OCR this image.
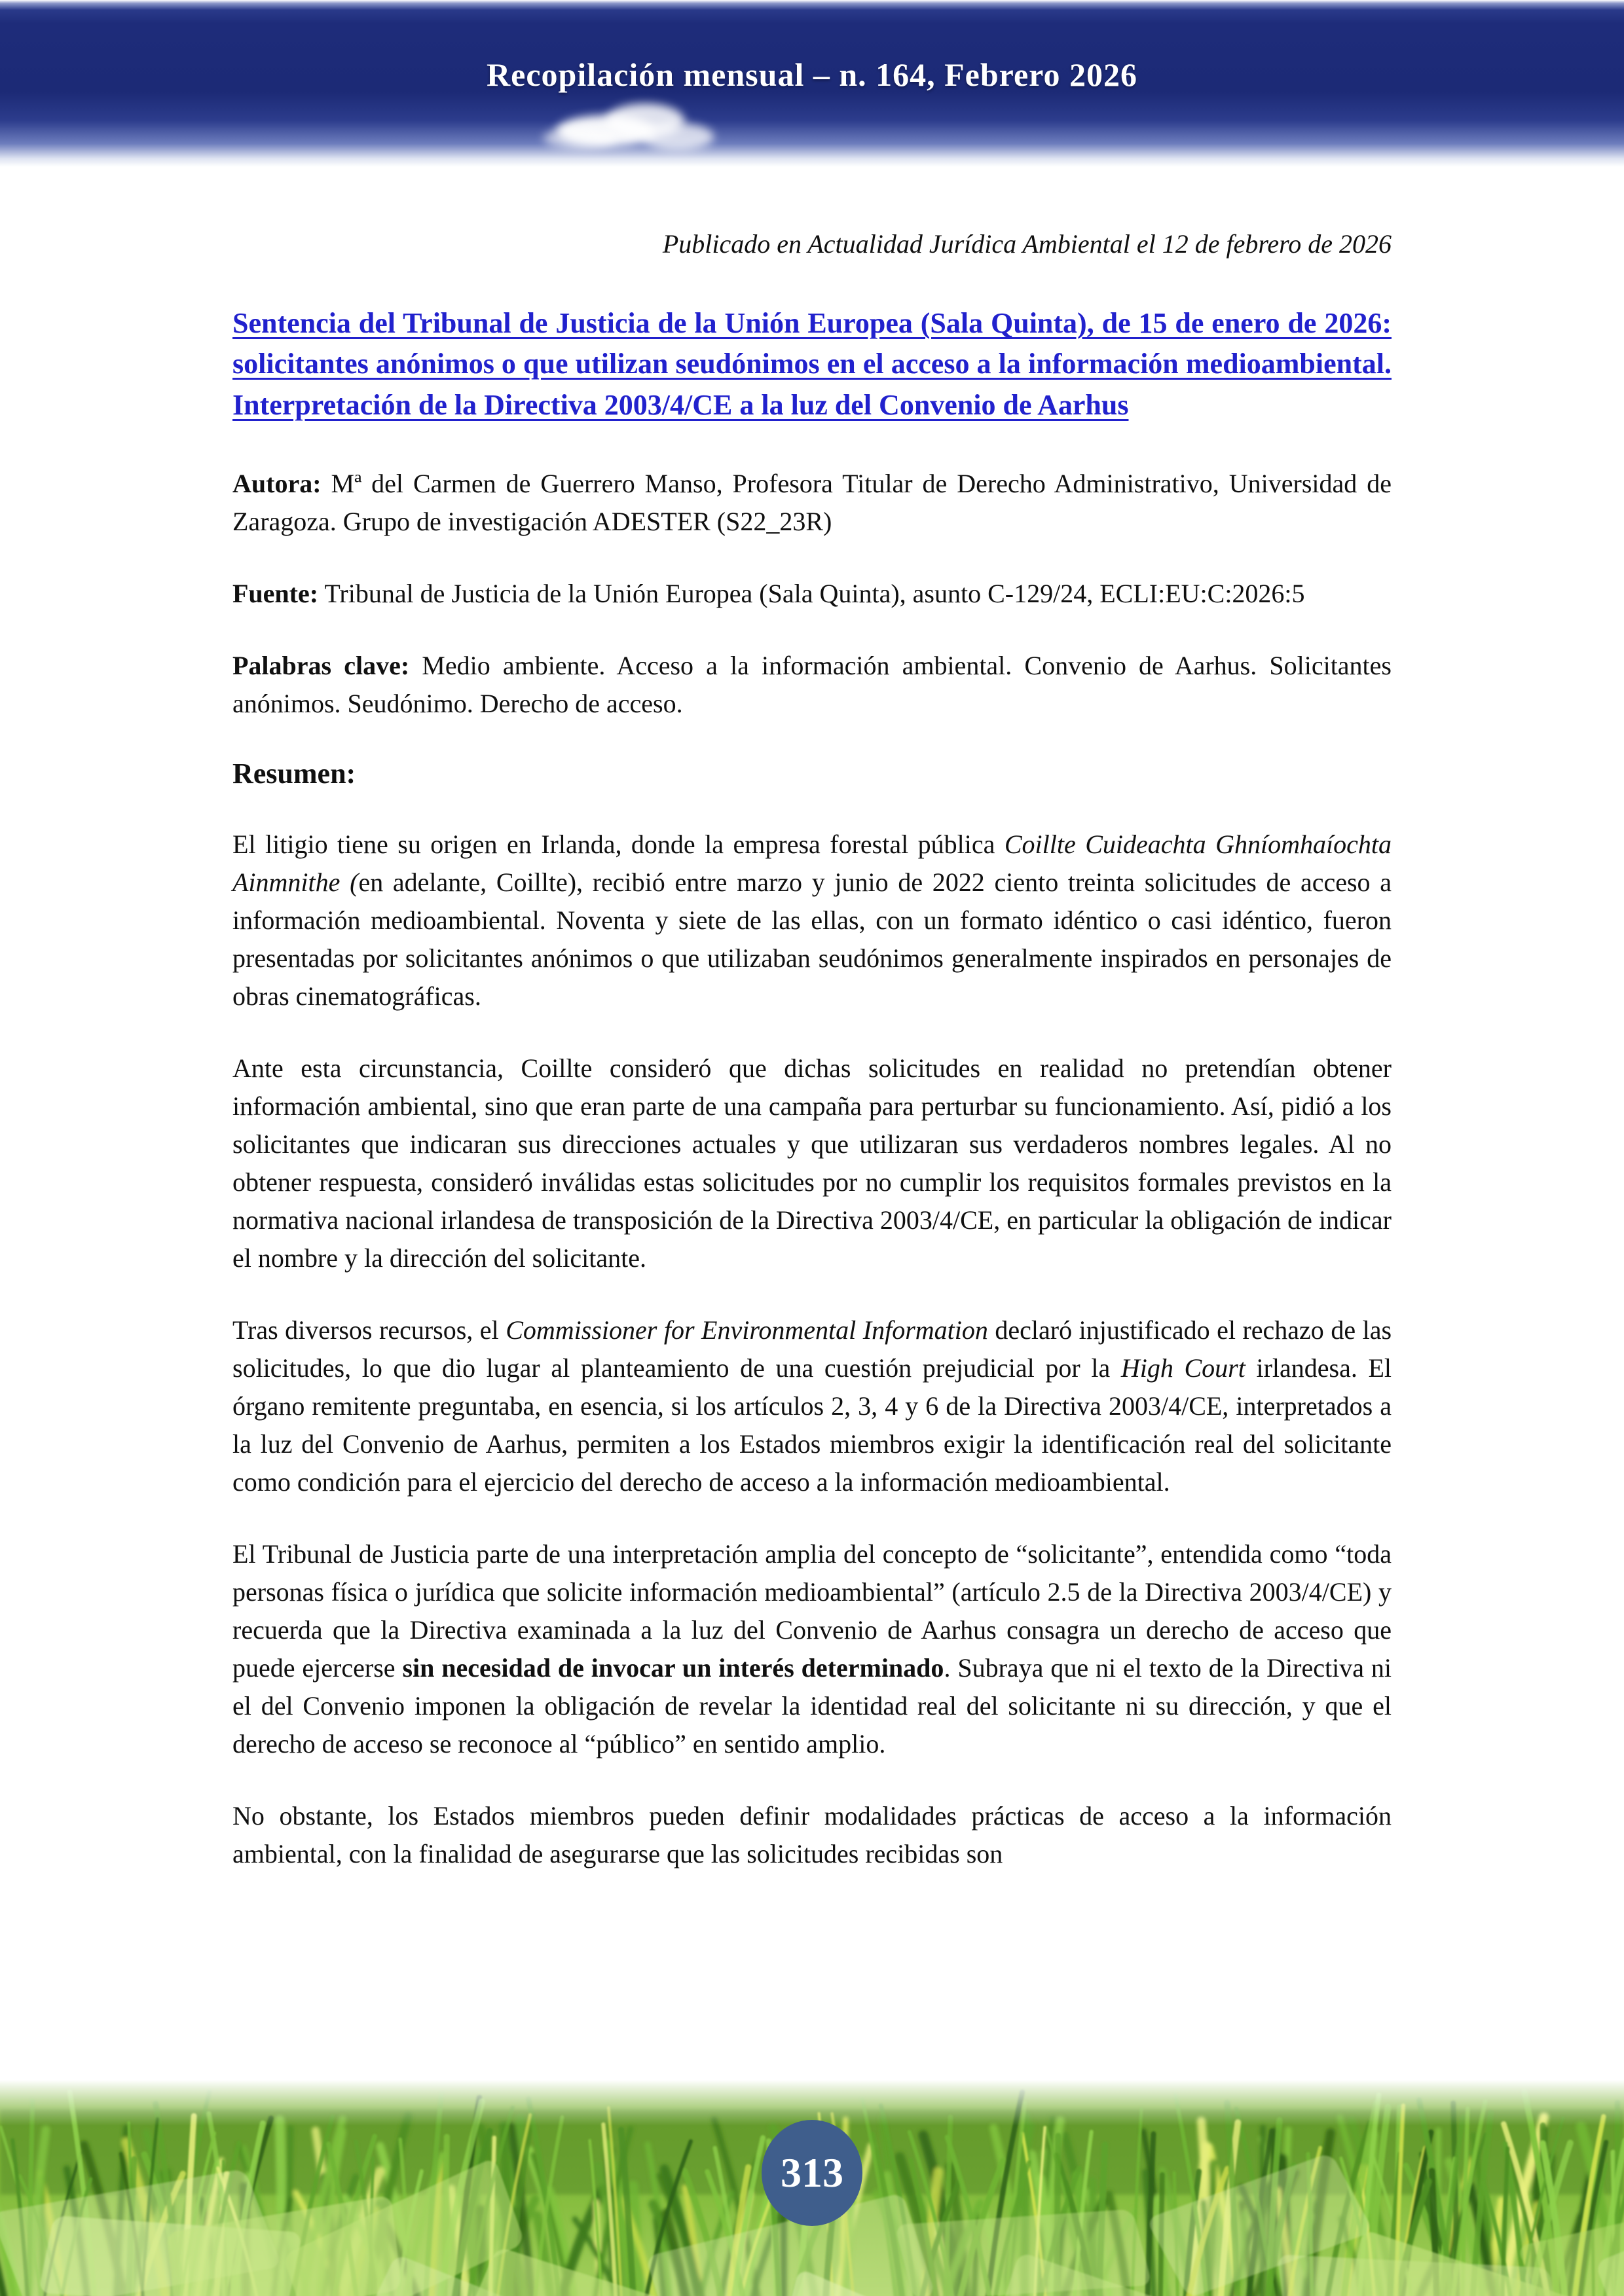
Recopilación mensual – n. 164, Febrero 2026

Publicado en Actualidad Jurídica Ambiental el 12 de febrero de 2026

Sentencia del Tribunal de Justicia de la Unión Europea (Sala Quinta), de 15 de enero de 2026: solicitantes anónimos o que utilizan seudónimos en el acceso a la información medioambiental. Interpretación de la Directiva 2003/4/CE a la luz del Convenio de Aarhus

Autora: Mª del Carmen de Guerrero Manso, Profesora Titular de Derecho Administrativo, Universidad de Zaragoza. Grupo de investigación ADESTER (S22_23R)

Fuente: Tribunal de Justicia de la Unión Europea (Sala Quinta), asunto C-129/24, ECLI:EU:C:2026:5

Palabras clave: Medio ambiente. Acceso a la información ambiental. Convenio de Aarhus. Solicitantes anónimos. Seudónimo. Derecho de acceso.

Resumen:

El litigio tiene su origen en Irlanda, donde la empresa forestal pública Coillte Cuideachta Ghníomhaíochta Ainmnithe (en adelante, Coillte), recibió entre marzo y junio de 2022 ciento treinta solicitudes de acceso a información medioambiental. Noventa y siete de las ellas, con un formato idéntico o casi idéntico, fueron presentadas por solicitantes anónimos o que utilizaban seudónimos generalmente inspirados en personajes de obras cinematográficas.

Ante esta circunstancia, Coillte consideró que dichas solicitudes en realidad no pretendían obtener información ambiental, sino que eran parte de una campaña para perturbar su funcionamiento. Así, pidió a los solicitantes que indicaran sus direcciones actuales y que utilizaran sus verdaderos nombres legales. Al no obtener respuesta, consideró inválidas estas solicitudes por no cumplir los requisitos formales previstos en la normativa nacional irlandesa de transposición de la Directiva 2003/4/CE, en particular la obligación de indicar el nombre y la dirección del solicitante.

Tras diversos recursos, el Commissioner for Environmental Information declaró injustificado el rechazo de las solicitudes, lo que dio lugar al planteamiento de una cuestión prejudicial por la High Court irlandesa. El órgano remitente preguntaba, en esencia, si los artículos 2, 3, 4 y 6 de la Directiva 2003/4/CE, interpretados a la luz del Convenio de Aarhus, permiten a los Estados miembros exigir la identificación real del solicitante como condición para el ejercicio del derecho de acceso a la información medioambiental.

El Tribunal de Justicia parte de una interpretación amplia del concepto de “solicitante”, entendida como “toda personas física o jurídica que solicite información medioambiental” (artículo 2.5 de la Directiva 2003/4/CE) y recuerda que la Directiva examinada a la luz del Convenio de Aarhus consagra un derecho de acceso que puede ejercerse sin necesidad de invocar un interés determinado. Subraya que ni el texto de la Directiva ni el del Convenio imponen la obligación de revelar la identidad real del solicitante ni su dirección, y que el derecho de acceso se reconoce al “público” en sentido amplio.

No obstante, los Estados miembros pueden definir modalidades prácticas de acceso a la información ambiental, con la finalidad de asegurarse que las solicitudes recibidas son

313
